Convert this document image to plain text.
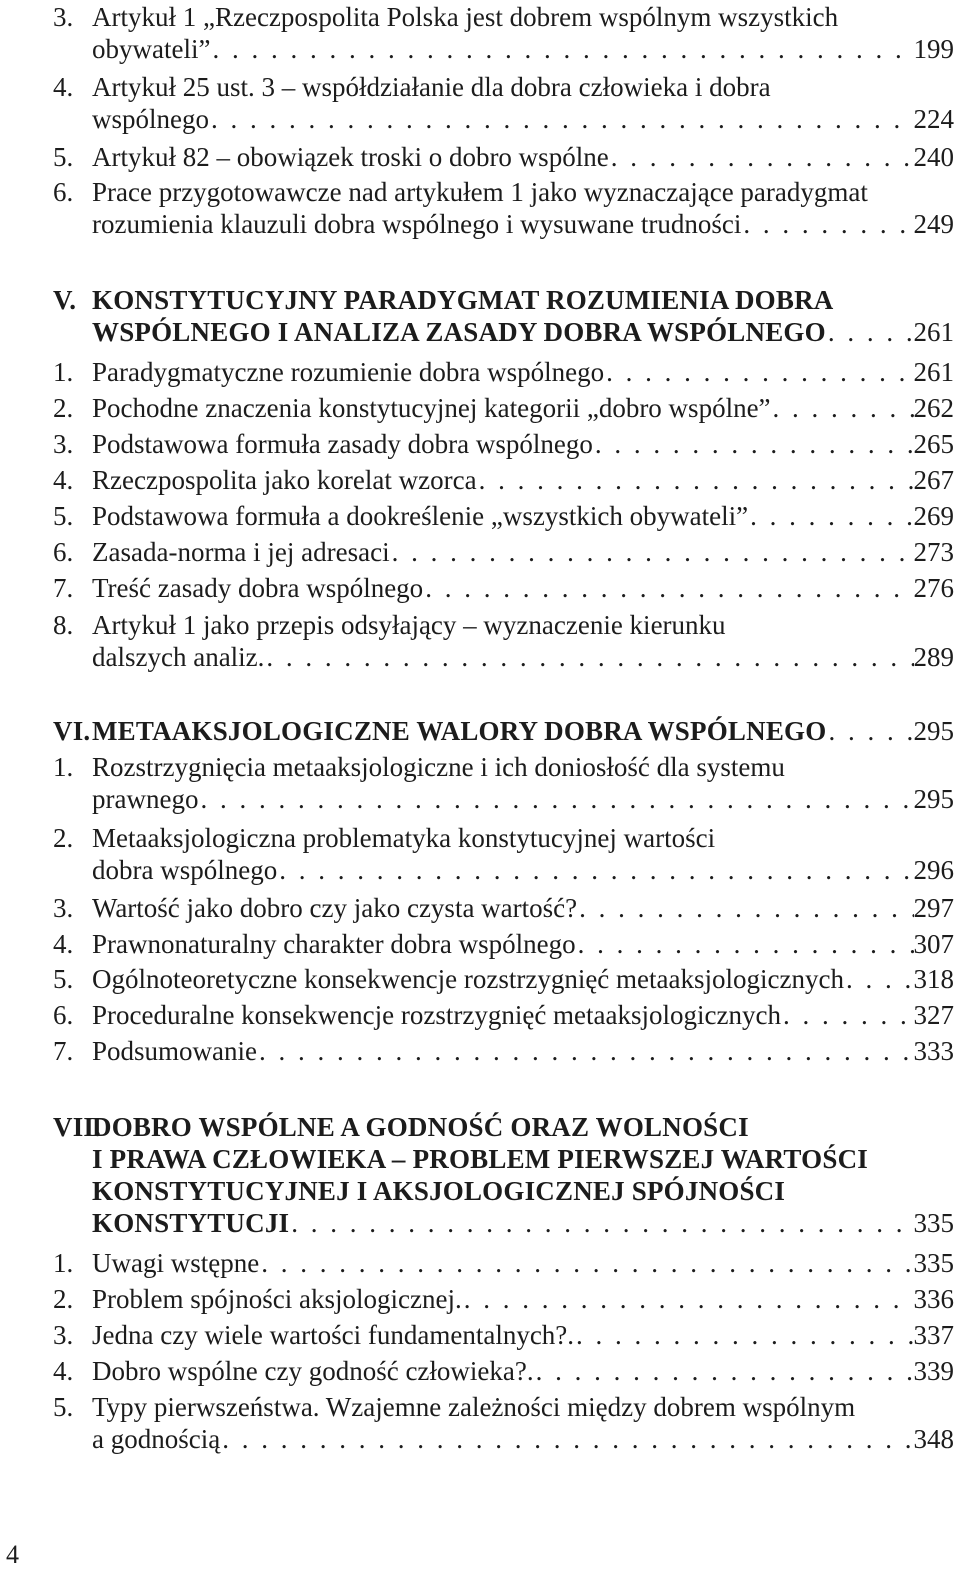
3. Artykuł 1 „Rzeczpospolita Polska jest dobrem wspólnym wszystkich
obywateli” . . .	199
4. Artykuł 25 ust. 3 – współdziałanie dla dobra człowieka i dobra
wspólnego . . .	224
5. Artykuł 82 – obowiązek troski o dobro wspólne . . .	240
6. Prace przygotowawcze nad artykułem 1 jako wyznaczające paradygmat
rozumienia klauzuli dobra wspólnego i wysuwane trudności . . .	249
V. KONSTYTUCYJNY PARADYGMAT ROZUMIENIA DOBRA
WSPÓLNEGO I ANALIZA ZASADY DOBRA WSPÓLNEGO . . .	261
1. Paradygmatyczne rozumienie dobra wspólnego . . .	261
2. Pochodne znaczenia konstytucyjnej kategorii „dobro wspólne” . . .	262
3. Podstawowa formuła zasady dobra wspólnego . . .	265
4. Rzeczpospolita jako korelat wzorca . . .	267
5. Podstawowa formuła a dookreślenie „wszystkich obywateli” . . .	269
6. Zasada-norma i jej adresaci . . .	273
7. Treść zasady dobra wspólnego . . .	276
8. Artykuł 1 jako przepis odsyłający – wyznaczenie kierunku
dalszych analiz. . . .	289
VI. METAAKSJOLOGICZNE WALORY DOBRA WSPÓLNEGO . . .	295
1. Rozstrzygnięcia metaaksjologiczne i ich doniosłość dla systemu
prawnego . . .	295
2. Metaaksjologiczna problematyka konstytucyjnej wartości
dobra wspólnego . . .	296
3. Wartość jako dobro czy jako czysta wartość? . . .	297
4. Prawnonaturalny charakter dobra wspólnego . . .	307
5. Ogólnoteoretyczne konsekwencje rozstrzygnięć metaaksjologicznych . . .	318
6. Proceduralne konsekwencje rozstrzygnięć metaaksjologicznych . . .	327
7. Podsumowanie . . .	333
VII.
DOBRO WSPÓLNE A GODNOŚĆ ORAZ WOLNOŚCI
I PRAWA CZŁOWIEKA – PROBLEM PIERWSZEJ WARTOŚCI
KONSTYTUCYJNEJ I AKSJOLOGICZNEJ SPÓJNOŚCI
KONSTYTUCJI . . .	335
1. Uwagi wstępne . . .	335
2. Problem spójności aksjologicznej. . . .	336
3. Jedna czy wiele wartości fundamentalnych?. . . .	337
4. Dobro wspólne czy godność człowieka?. . . .	339
5. Typy pierwszeństwa. Wzajemne zależności między dobrem wspólnym
a godnością . . .	348
4
